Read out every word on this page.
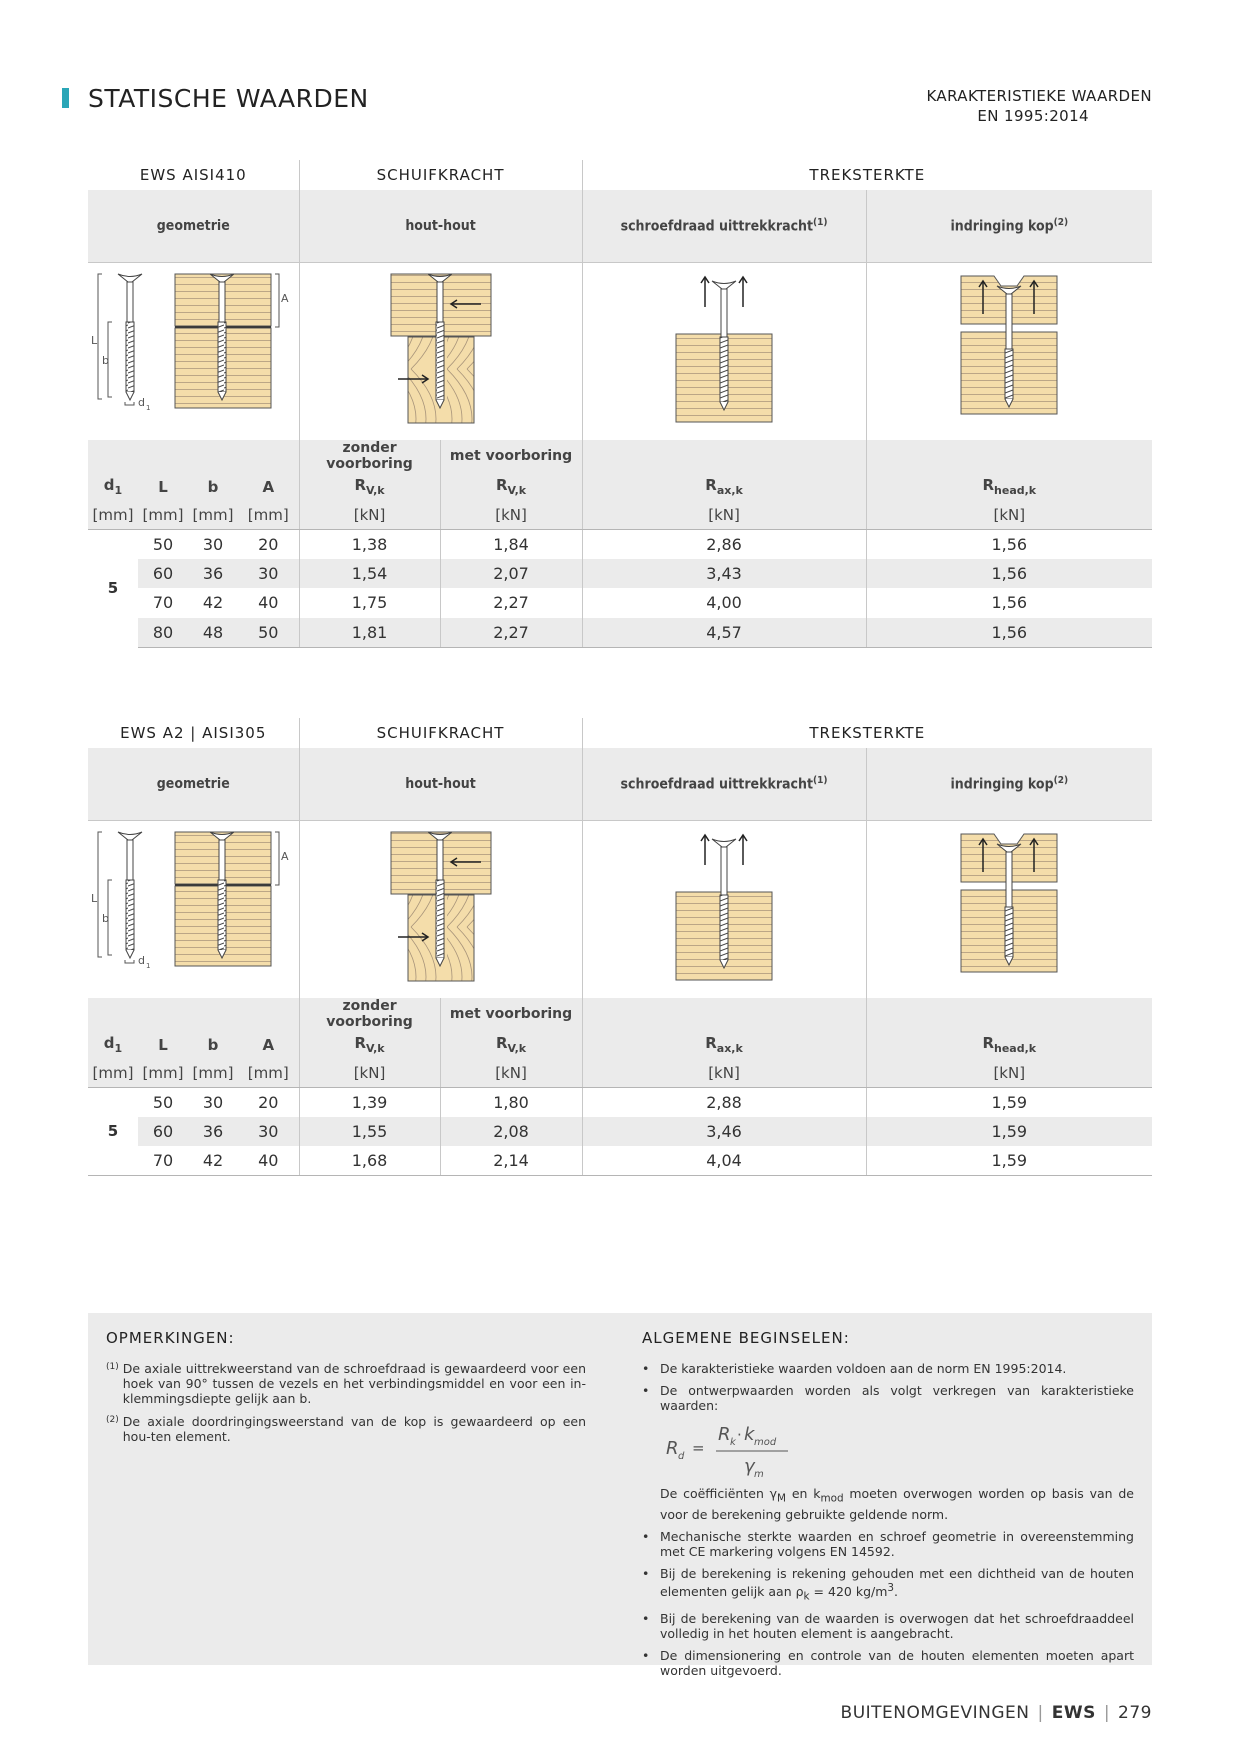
STATISCHE WAARDEN	KARAKTERISTIEKE WAARDEN
EN 1995:2014
EWS AISI410				SCHUIFKRACHT		TREKSTERKTE	
geometrie				hout-hout		schroefdraad uittrekkracht$^{(1)}$	indringing kop$^{(2)}$

L
b
d 1
A

				zonder voorboring	met voorboring		
$d_1$	L	b	A	$R_{V,k}$	$R_{V,k}$	$R_{ax,k}$	$R_{head,k}$
[mm]	[mm]	[mm]	[mm]	[kN]	[kN]	[kN]	[kN]
5	50	30	20	1,38	1,84	2,86	1,56
	60	36	30	1,54	2,07	3,43	1,56
	70	42	40	1,75	2,27	4,00	1,56
	80	48	50	1,81	2,27	4,57	1,56
EWS A2 | AISI305				SCHUIFKRACHT		TREKSTERKTE	
geometrie				hout-hout		schroefdraad uittrekkracht$^{(1)}$	indringing kop$^{(2)}$

L
b
d 1
A

				zonder voorboring	met voorboring		
$d_1$	L	b	A	$R_{V,k}$	$R_{V,k}$	$R_{ax,k}$	$R_{head,k}$
[mm]	[mm]	[mm]	[mm]	[kN]	[kN]	[kN]	[kN]
5	50	30	20	1,39	1,80	2,88	1,59
	60	36	30	1,55	2,08	3,46	1,59
	70	42	40	1,68	2,14	4,04	1,59
OPMERKINGEN:
(1) De axiale uittrekweerstand van de schroefdraad is gewaardeerd voor een hoek van 90° tussen de vezels en het verbindingsmiddel en voor een in-klemmingsdiepte gelijk aan b.
(2) De axiale doordringingsweerstand van de kop is gewaardeerd op een hou-ten element.
ALGEMENE BEGINSELEN:
• De karakteristieke waarden voldoen aan de norm EN 1995:2014.
• De ontwerpwaarden worden als volgt verkregen van karakteristieke waarden:
R d =
R k · k mod
γ m
De coëfficiënten $\gamma_M$ en $k_{mod}$ moeten overwogen worden op basis van de voor de berekening gebruikte geldende norm.
• Mechanische sterkte waarden en schroef geometrie in overeenstemming met CE markering volgens EN 14592.
• Bij de berekening is rekening gehouden met een dichtheid van de houten elementen gelijk aan $\rho_k = 420$ $kg/m^3$.
• Bij de berekening van de waarden is overwogen dat het schroefdraaddeel volledig in het houten element is aangebracht.
• De dimensionering en controle van de houten elementen moeten apart worden uitgevoerd.
BUITENOMGEVINGEN | EWS | 279
